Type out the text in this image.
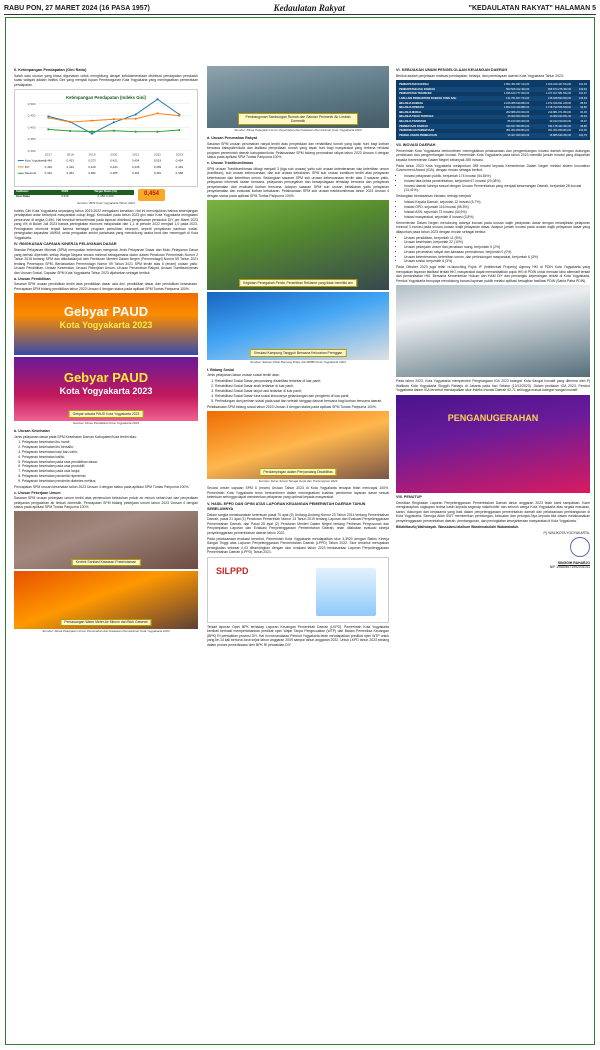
RABU PON, 27 MARET 2024 (16 PASA 1957)	Kedaulatan Rakyat	"KEDAULATAN RAKYAT" HALAMAN 5
6. Ketimpangan Pendapatan (Gini Ratio)
Salah satu ukuran yang biasa digunakan untuk menghitung derajat ketidakmerataan distribusi pendapatan penduduk suatu wilayah adalah Indeks Gini yang menjadi tujuan Pembangunan Kota Yogyakarta yang meningkatkan pemerataan pendapatan.
Ketimpangan Pendapatan (Indeks Gini)
0,500
0,450
0,400
0,350
0,300
2017	2018	2019	2020	2021	2022	2023
Kota Yogyakarta
0,446	0,423	0,373	0,421	0,454	0,519	0,454
DIY	0,440	0,422	0,428	0,434	0,436	0,459	0,449
Nasional	0,391	0,384	0,382	0,385	0,381	0,381	0,388
Indikator	2023	Target Ratio (%)
Gini Ratio	0,519	0,450-0,460	0,454
Sumber: BPS Kota Yogyakarta Tahun 2023
Indeks Gini Kota Yogyakarta sepanjang tahun 2019-2022 mengalami kenaikan. Hal ini menunjukkan bahwa kesenjangan pendapatan antar kelompok masyarakat cukup tinggi. Kemudian pada tahun 2023 gini rasio Kota Yogyakarta mengalami penurunan di angka 0,454. Hal tersebut terkonfirmasi pada laporan distribusi pengeluaran penduduk DIY per Maret 2023 yang 4% di Bulan Juli 2023 bahwa peningkatan ekonomi masyarakat dari 1,1 di periode 2022 menjadi 1,0 pada 2023. Peningkatan ekonomi terjadi karena berbagai program pemulihan ekonomi, seperti penyaluran bantuan sosial, peningkatan kapasitas UMKM, serta penguatan sektor pariwisata yang mendukung usaha kecil dan menengah di Kota Yogyakarta.
IV. RINGKASAN CAPAIAN KINERJA PELAYANAN DASAR
Standar Pelayanan Minimal (SPM) merupakan ketentuan mengenai Jenis Pelayanan Dasar dan Mutu Pelayanan Dasar yang berhak diperoleh setiap Warga Negara secara minimal sebagaimana diatur dalam Peraturan Pemerintah Nomor 2 Tahun 2018 tentang SPM dan ditindaklanjuti oleh Peraturan Menteri Dalam Negeri (Permendagri) Nomor 59 Tahun 2021 tentang Penerapan SPM. Berdasarkan Permendagri Nomor 59 Tahun 2021 SPM terdiri atas 6 (enam) urusan yaitu: Urusan Pendidikan, Urusan Kesehatan, Urusan Pekerjaan Umum, Urusan Perumahan Rakyat, Urusan Trantibumlinmas dan Urusan Sosial. Capaian SPM Kota Yogyakarta Tahun 2023 dijabarkan sebagai berikut:
a. Urusan Pendidikan
Sasaran SPM urusan pendidikan terdiri atas pendidikan dasar usia dini, pendidikan dasar, dan pendidikan kesetaraan. Pencapaian SPM bidang pendidikan tahun 2023 Urusan 4 dengan status pada aplikasi SPM Tuntas Paripurna 100%.
Gebyar PAUD
Kota Yogyakarta 2023
Gebyar PAUD
Kota Yogyakarta 2023
Gebyar wisuda PAUD Kota Yogyakarta 2023
Sumber: Dinas Pendidikan Kota Yogyakarta 2023
b. Urusan Kesehatan
Jenis pelayanan dasar pada SPM Kesehatan Daerah Kabupaten/Kota terdiri atas:
1. Pelayanan kesehatan ibu hamil;
2. Pelayanan kesehatan ibu bersalin;
3. Pelayanan kesehatan bayi baru lahir;
4. Pelayanan kesehatan balita;
5. Pelayanan kesehatan pada usia pendidikan dasar;
6. Pelayanan kesehatan pada usia produktif;
7. Pelayanan kesehatan pada usia lanjut;
8. Pelayanan kesehatan penderita hipertensi;
9. Pelayanan kesehatan penderita diabetes melitus;
Pencapaian SPM urusan kesehatan tahun 2023 Urusan 4 dengan status pada aplikasi SPM Tuntas Paripurna 100%.
c. Urusan Pekerjaan Umum
Sasaran SPM urusan pekerjaan umum terdiri atas pemenuhan kebutuhan pokok air minum sehari-hari dan penyediaan pelayanan pengolahan air limbah domestik. Pencapaian SPM bidang pekerjaan umum tahun 2023 Urusan 4 dengan status pada aplikasi SPM Tuntas Paripurna 100%.
Kerbek Sanitasi Kawasan Prawirotaman
Pemasangan Water Meter Air Minum dan Blok Gaweah
Sumber: Dinas Pekerjaan Umum Perumahan dan Kawasan Permukiman Kota Yogyakarta 2023
Pembangunan Sambungan Rumah dan Saluran Perimeter Air Limbah Domestik
Sumber: Dinas Pekerjaan Umum Perumahan dan Kawasan Permukiman Kota Yogyakarta 2023
d. Urusan Perumahan Rakyat
Sasaran SPM urusan perumahan rakyat terdiri atas penyediaan dan rehabilitasi rumah yang layak huni bagi korban bencana kabupaten/kota dan fasilitasi penyediaan rumah yang layak huni bagi masyarakat yang terkena relokasi program pemerintah daerah kabupaten/kota. Pelaksanaan SPM bidang perumahan rakyat tahun 2023 Urusan 4 dengan status pada aplikasi SPM Tuntas Paripurna 100%.
e. Urusan Trantibumlinmas
SPM urusan Trantibumlinmas dibagi menjadi 3 (tiga sub urusan) yaitu sub urusan ketenteraman dan ketertiban umum (trantibum), sub urusan kebencanaan, dan sub urusan kebakaran. SPM sub urusan trantibum terdiri atas pelayanan ketentraman dan ketertiban umum. Sedangkan sasaran SPM sub urusan kebencanaan terdiri atas 3 sasaran yaitu, pelayanan informasi rawan bencana, pelayanan pencegahan dan kesiapsiagaan terhadap bencana dan pelayanan penyelamatan dan evakuasi korban bencana. Adapun sasaran SPM sub urusan kebakaran yaitu pelayanan penyelamatan dan evakuasi korban kebakaran. Pelaksanaan SPM sub urusan trantibumlinmas tahun 2023 Urusan 4 dengan status pada aplikasi SPM Tuntas Paripurna 100%.
Kegiatan Penegakan Perda, Penertiban Reklame yang tidak memiliki izin
Simulasi Kampung Tangguh Bencana Kelurahan Prenggan
Sumber: Satuan Polisi Pamong Praja, dan BPBD Kota Yogyakarta 2023
f. Bidang Sosial
Jenis pelayanan dasar urusan sosial terdiri atas:
1. Rehabilitasi Sosial Dasar penyandang disabilitas terlantar di luar panti;
2. Rehabilitasi Sosial Dasar anak terlantar di luar panti;
3. Rehabilitasi Sosial Dasar lanjut usia terlantar di luar panti;
4. Rehabilitasi Sosial Dasar tuna sosial khususnya gelandangan dan pengemis di luar panti;
5. Perlindungan dan jaminan sosial pada saat dan setelah tanggap darurat bencana bagi korban bencana daerah.
Pelaksanaan SPM bidang sosial tahun 2023 Urusan 4 dengan status pada aplikasi SPM Tuntas Paripurna 100%.
Pendampingan dalam Penyandang Disabilitas
Sumber: Dinas Sosial Tenaga Kerja dan Transmigrasi 2023
Secara umum capaian SPM 6 (enam) Urusan Tahun 2023 di Kota Yogyakarta tercapai telah mencapai 100%. Pemerintah Kota Yogyakarta terus berkomitmen dalam meningkatkan kualitas pemberian layanan dasar sesuai ketentuan sehingga dapat memberikan pelayanan yang optimal kepada masyarakat.
V. HASIL EPPD DAN OPINI ATAS LAPORAN KEUANGAN PEMERINTAH DAERAH TAHUN SEBELUMNYA
Dalam rangka melaksanakan ketentuan pasal 70 ayat (5) Undang-Undang Nomor 23 Tahun 2014 tentang Pemerintahan Daerah, pasal 21 ayat (1) Peraturan Pemerintah Nomor 13 Tahun 2019 tentang Laporan dan Evaluasi Penyelenggaraan Pemerintahan Daerah, dan Pasal 28 ayat (2) Peraturan Menteri Dalam Negeri tentang Pedoman Penyusunan dan Penyampaian Laporan dan Evaluasi Penyelenggaraan Pemerintahan Daerah, telah dilakukan evaluasi kinerja penyelenggaraan pemerintahan daerah tahun 2022.
Pada pelaksanaan evaluasi tersebut, Pemerintah Kota Yogyakarta mendapatkan skor 3,3920 dengan Status Kinerja Sangat Tinggi atas Laporan Penyelenggaraan Pemerintahan Daerah (LPPD) Tahun 2022. Skor tersebut merupakan peningkatan sebesar 0,03 dibandingkan dengan skor evaluasi tahun 2023 berdasarkan Laporan Penyelenggaraan Pemerintahan Daerah (LPPD) Tahun 2021.
SILPPD
Terkait laporan Opini BPK terhadap Laporan Keuangan Pemerintah Daerah (LKPD), Pemerintah Kota Yogyakarta kembali berhasil mempertahankan predikat opini Wajar Tanpa Pengecualian (WTP) dari Badan Pemeriksa Keuangan (BPK) RI perwakilan provinsi DIY. Hal ini menandakan Pemkot Yogyakarta telah mendapatkan predikat opini WTP untuk yang ke-14 kali berturut-turut sejak tahun anggaran 2009 sampai tahun anggaran 2022. Untuk LKPD tahun 2023 sedang dalam proses pemeriksaan oleh BPK RI perwakilan DIY.
VI. KEBIJAKAN UMUM PENGELOLAAN KEUANGAN DAERAH
Berikut adalah penjelasan realisasi pendapatan, belanja, dan pembiayaan daerah Kota Yogyakarta Tahun 2023:
PENDAPATAN DAERAH	1.891.451.697.144,00	1.910.220.447.544,00	101,03
PENDAPATAN ASLI DAERAH	663.526.312.400,00	666.674.275.452,00	100,49
PENDAPATAN TRANSFER	1.096.163.777.000,00	1.107.917.581.592,00	101,07
LAIN-LAIN PENDAPATAN DAERAH YANG SAH	131.761.607.744,00	135.628.590.500,00	102,93
BELANJA DAERAH	2.226.088.639.880,00	1.972.949.991.268,00	88,63
BELANJA OPERASI	1.852.100.439.880,00	1.718.793.556.568,00	92,80
BELANJA MODAL	262.888.200.000,00	213.881.371.053,00	81,36
BELANJA TIDAK TERDUGA	25.000.000.000,00	10.082.044.651,00	40,33
BELANJA TRANSFER	86.100.000.000,00	30.193.019.000,00	35,07
PEMBIAYAAN DAERAH	334.637.059.804,00	334.178.423.352,00	99,86
PENERIMAAN PEMBIAYAAN	351.064.059.804,00	351.064.059.804,00	100,00
PENGELUARAN PEMBIAYAAN	16.427.000.000,00	16.885.636.452,00	102,79
VII. INOVASI DAERAH
Pemerintah Kota Yogyakarta berkomitmen meningkatkan pelaksanaan dan pengembangan inovasi daerah dengan dukungan pembinaan dan pengembangan inovasi. Pemerintah Kota Yogyakarta pada tahun 2023 memiliki jumlah inovasi yang dilaporkan kepada Kementerian Dalam Negeri sebanyak 285 inovasi.
Pada tahun 2023 Kota Yogyakarta melaporkan 285 inovasi kepada Kementerian Dalam Negeri melalui sistem Innovation Government Award (IGA), dengan rincian sebagai berikut:
• Inovasi pelayanan publik, berjumlah 174 inovasi (54,54%)
• Inovasi tata kelola pemerintahan, berjumlah 67 inovasi (20,08%)
• Inovasi daerah lainnya sesuai dengan Urusan Pemerintahan yang menjadi kewenangan Daerah, berjumlah 28 inovasi (13,41%).
Sedangkan berdasarkan inisiator, terbagi menjadi:
• Inisiasi Kepala Daerah, sejumlah 12 inovasi (5,7%)
• Inisiasi OPD, sejumlah 116 inovasi (55,5%)
• Inisiasi ASN, sejumlah 73 inovasi (34,9%)
• Inisiasi masyarakat, sejumlah 8 inovasi (3,8%)
Kementerian Dalam Negeri mendorong adanya inovasi pada urusan wajib pelayanan dasar dengan mewajibkan pelaporan minimal 3 inovasi pada urusan-urusan wajib pelayanan dasar. Adapun jumlah inovasi pada urusan wajib pelayanan dasar yang dilaporkan pada tahun 2023 dengan rincian sebagai berikut:
• Urusan pendidikan, berjumlah 11 (5%)
• Urusan kesehatan, berjumlah 22 (10%)
• Urusan pekerjaan umum dan penataan ruang, berjumlah 5 (2%)
• Urusan perumahan rakyat dan kawasan permukiman, berjumlah 0 (0%)
• Urusan ketenteraman, ketertiban umum, dan perlindungan masyarakat, berjumlah 6 (3%)
• Urusan sosial, berjumlah 6 (3%)
Pada Oktober 2023 juga telah re-launching Pojok IP (Intellectual Property) Agency HKI di PDIN Kota Yogyakarta yang merupakan layanan fasilitasi terkait HKI, masyarakat dapat memanfaatkan pojok HKI di PDIN untuk mencari tahu alternatif terkait dari pemanfaatan HKI. Bersama Kementerian Hukum dan HAM DIY dan pemangku kepentingan terkait di Kota Yogyakarta, Pemkot Yogyakarta berupaya mendukung inovasi layanan publik melalui aplikasi kewajiban fasilitasi PDIN (Satria Patra PDIN).
Pada tahun 2023, Kota Yogyakarta memperoleh Penghargaan IGA 2023 kategori Kota Sangat Inovatif yang diterima oleh Pj Walikota Kota Yogyakarta Singgih Raharjo di Jakarta pada hari Selasa (12/12/2023). Dalam penilaian IGA 2023, Pemkot Yogyakarta dalam IGA tersebut mendapatkan skor Indeks Inovasi Daerah 62,71 sehingga masuk kategori sangat inovatif.
PENGANUGERAHAN
VIII. PENUTUP
Demikian Ringkasan Laporan Penyelenggaraan Pemerintahan Daerah tahun anggaran 2023 telah kami sampaikan. Kami mengharapkan ungkapan terima kasih kepada segenap stakeholder dan seluruh warga Kota Yogyakarta atas segala masukan, saran, dukungan dan kerjasama yang baik dalam penyelenggaraan pemerintahan daerah dan pelaksanaan pembangunan di Kota Yogyakarta. Semoga Allah SWT memberikan pertolongan, kekuatan dan petunjuk-Nya kepada kita dalam melaksanakan penyelenggaraan pemerintahan daerah, pembangunan, dan peningkatan kesejahteraan masyarakat di Kota Yogyakarta.
Billahittaufiq Walhidayah. Wassalamu'alaikum Warahmatullahi Wabarakatuh.
Pj. WALIKOTA YOGYAKARTA,
SINGGIH RAHARJO
NIP 196808171992031011
